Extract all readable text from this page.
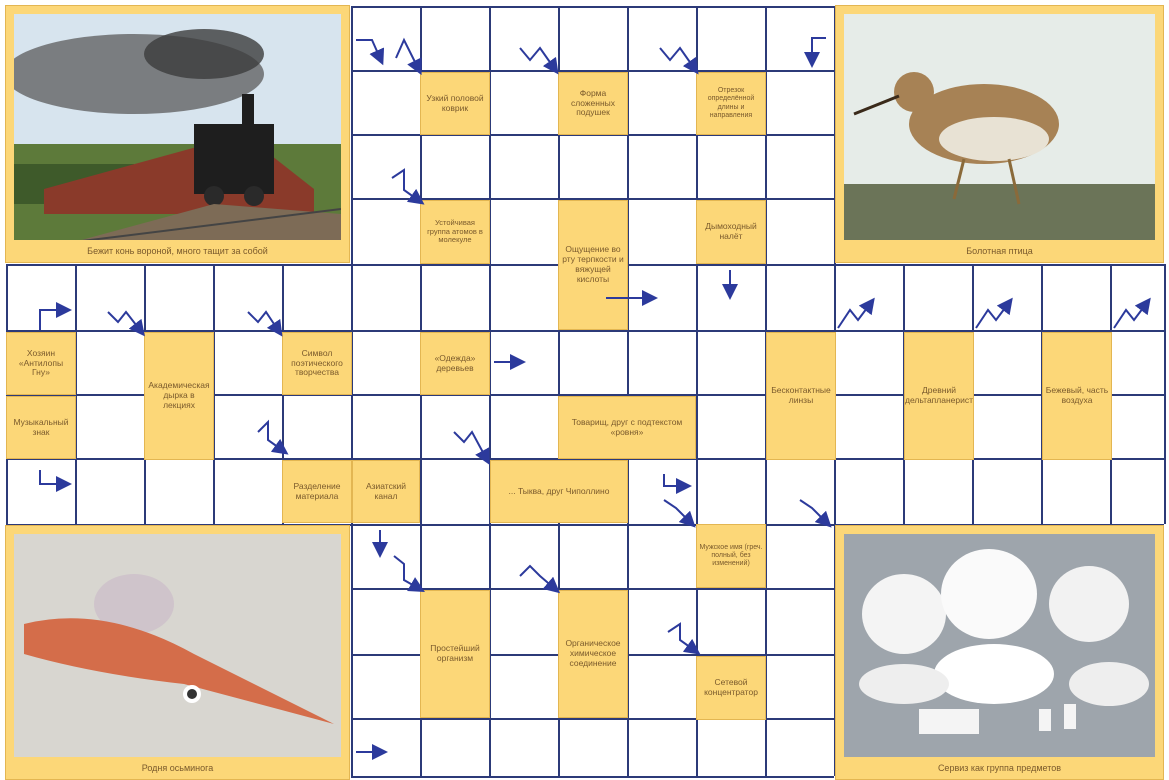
Бежит конь вороной, много тащит за собой	Болотная птица
Родня осьминога	Сервиз как группа предметов
Узкий половой коврик
Форма сложенных подушек
Отрезок определённой длины и направления
Устойчивая группа атомов в молекуле
Ощущение во рту терпкости и вяжущей кислоты
Дымоходный налёт
Хозяин «Антилопы Гну»
Академическая дырка в лекциях
Символ поэтического творчества
«Одежда» деревьев
Бесконтактные линзы
Древний дельтапланерист
Бежевый, часть воздуха
Музыкальный знак
Товарищ, друг с подтекстом «ровня»
Разделение материала
Азиатский канал	... Тыква, друг Чиполлино
Мужское имя (греч. полный, без изменений)
Простейший организм
Органическое химическое соединение
Сетевой концентратор
